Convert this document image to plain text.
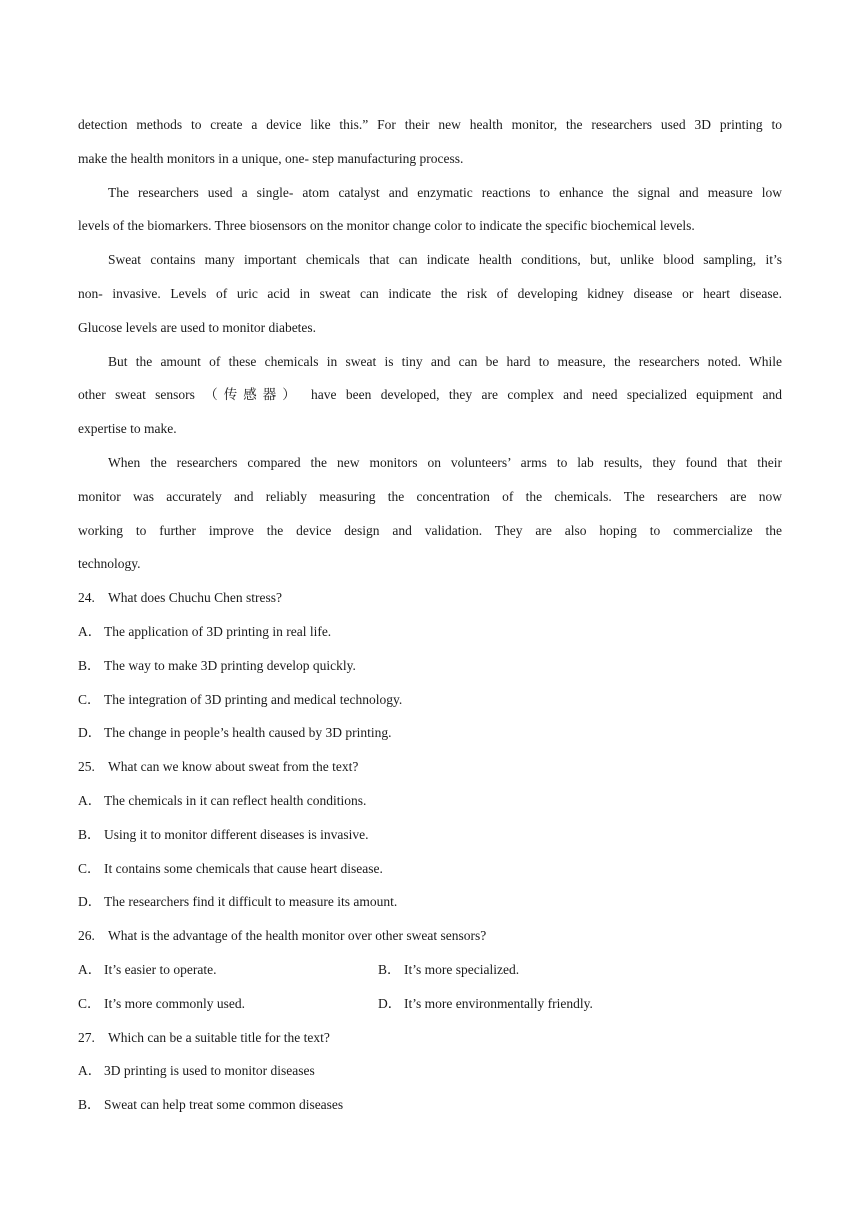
detection methods to create a device like this.” For their new health monitor, the researchers used 3D printing to
make the health monitors in a unique, one- step manufacturing process.
The researchers used a single- atom catalyst and enzymatic reactions to enhance the signal and measure low
levels of the biomarkers. Three biosensors on the monitor change color to indicate the specific biochemical levels.
Sweat contains many important chemicals that can indicate health conditions, but, unlike blood sampling, it’s
non- invasive. Levels of uric acid in sweat can indicate the risk of developing kidney disease or heart disease.
Glucose levels are used to monitor diabetes.
But the amount of these chemicals in sweat is tiny and can be hard to measure, the researchers noted. While
other sweat sensors （传感器） have been developed, they are complex and need specialized equipment and
expertise to make.
When the researchers compared the new monitors on volunteers’ arms to lab results, they found that their
monitor was accurately and reliably measuring the concentration of the chemicals. The researchers are now
working to further improve the device design and validation. They are also hoping to commercialize the
technology.
24. What does Chuchu Chen stress?
A． The application of 3D printing in real life.
B． The way to make 3D printing develop quickly.
C． The integration of 3D printing and medical technology.
D． The change in people’s health caused by 3D printing.
25. What can we know about sweat from the text?
A． The chemicals in it can reflect health conditions.
B． Using it to monitor different diseases is invasive.
C． It contains some chemicals that cause heart disease.
D． The researchers find it difficult to measure its amount.
26. What is the advantage of the health monitor over other sweat sensors?
A． It’s easier to operate.	B． It’s more specialized.
C． It’s more commonly used.	D． It’s more environmentally friendly.
27. Which can be a suitable title for the text?
A． 3D printing is used to monitor diseases
B． Sweat can help treat some common diseases
